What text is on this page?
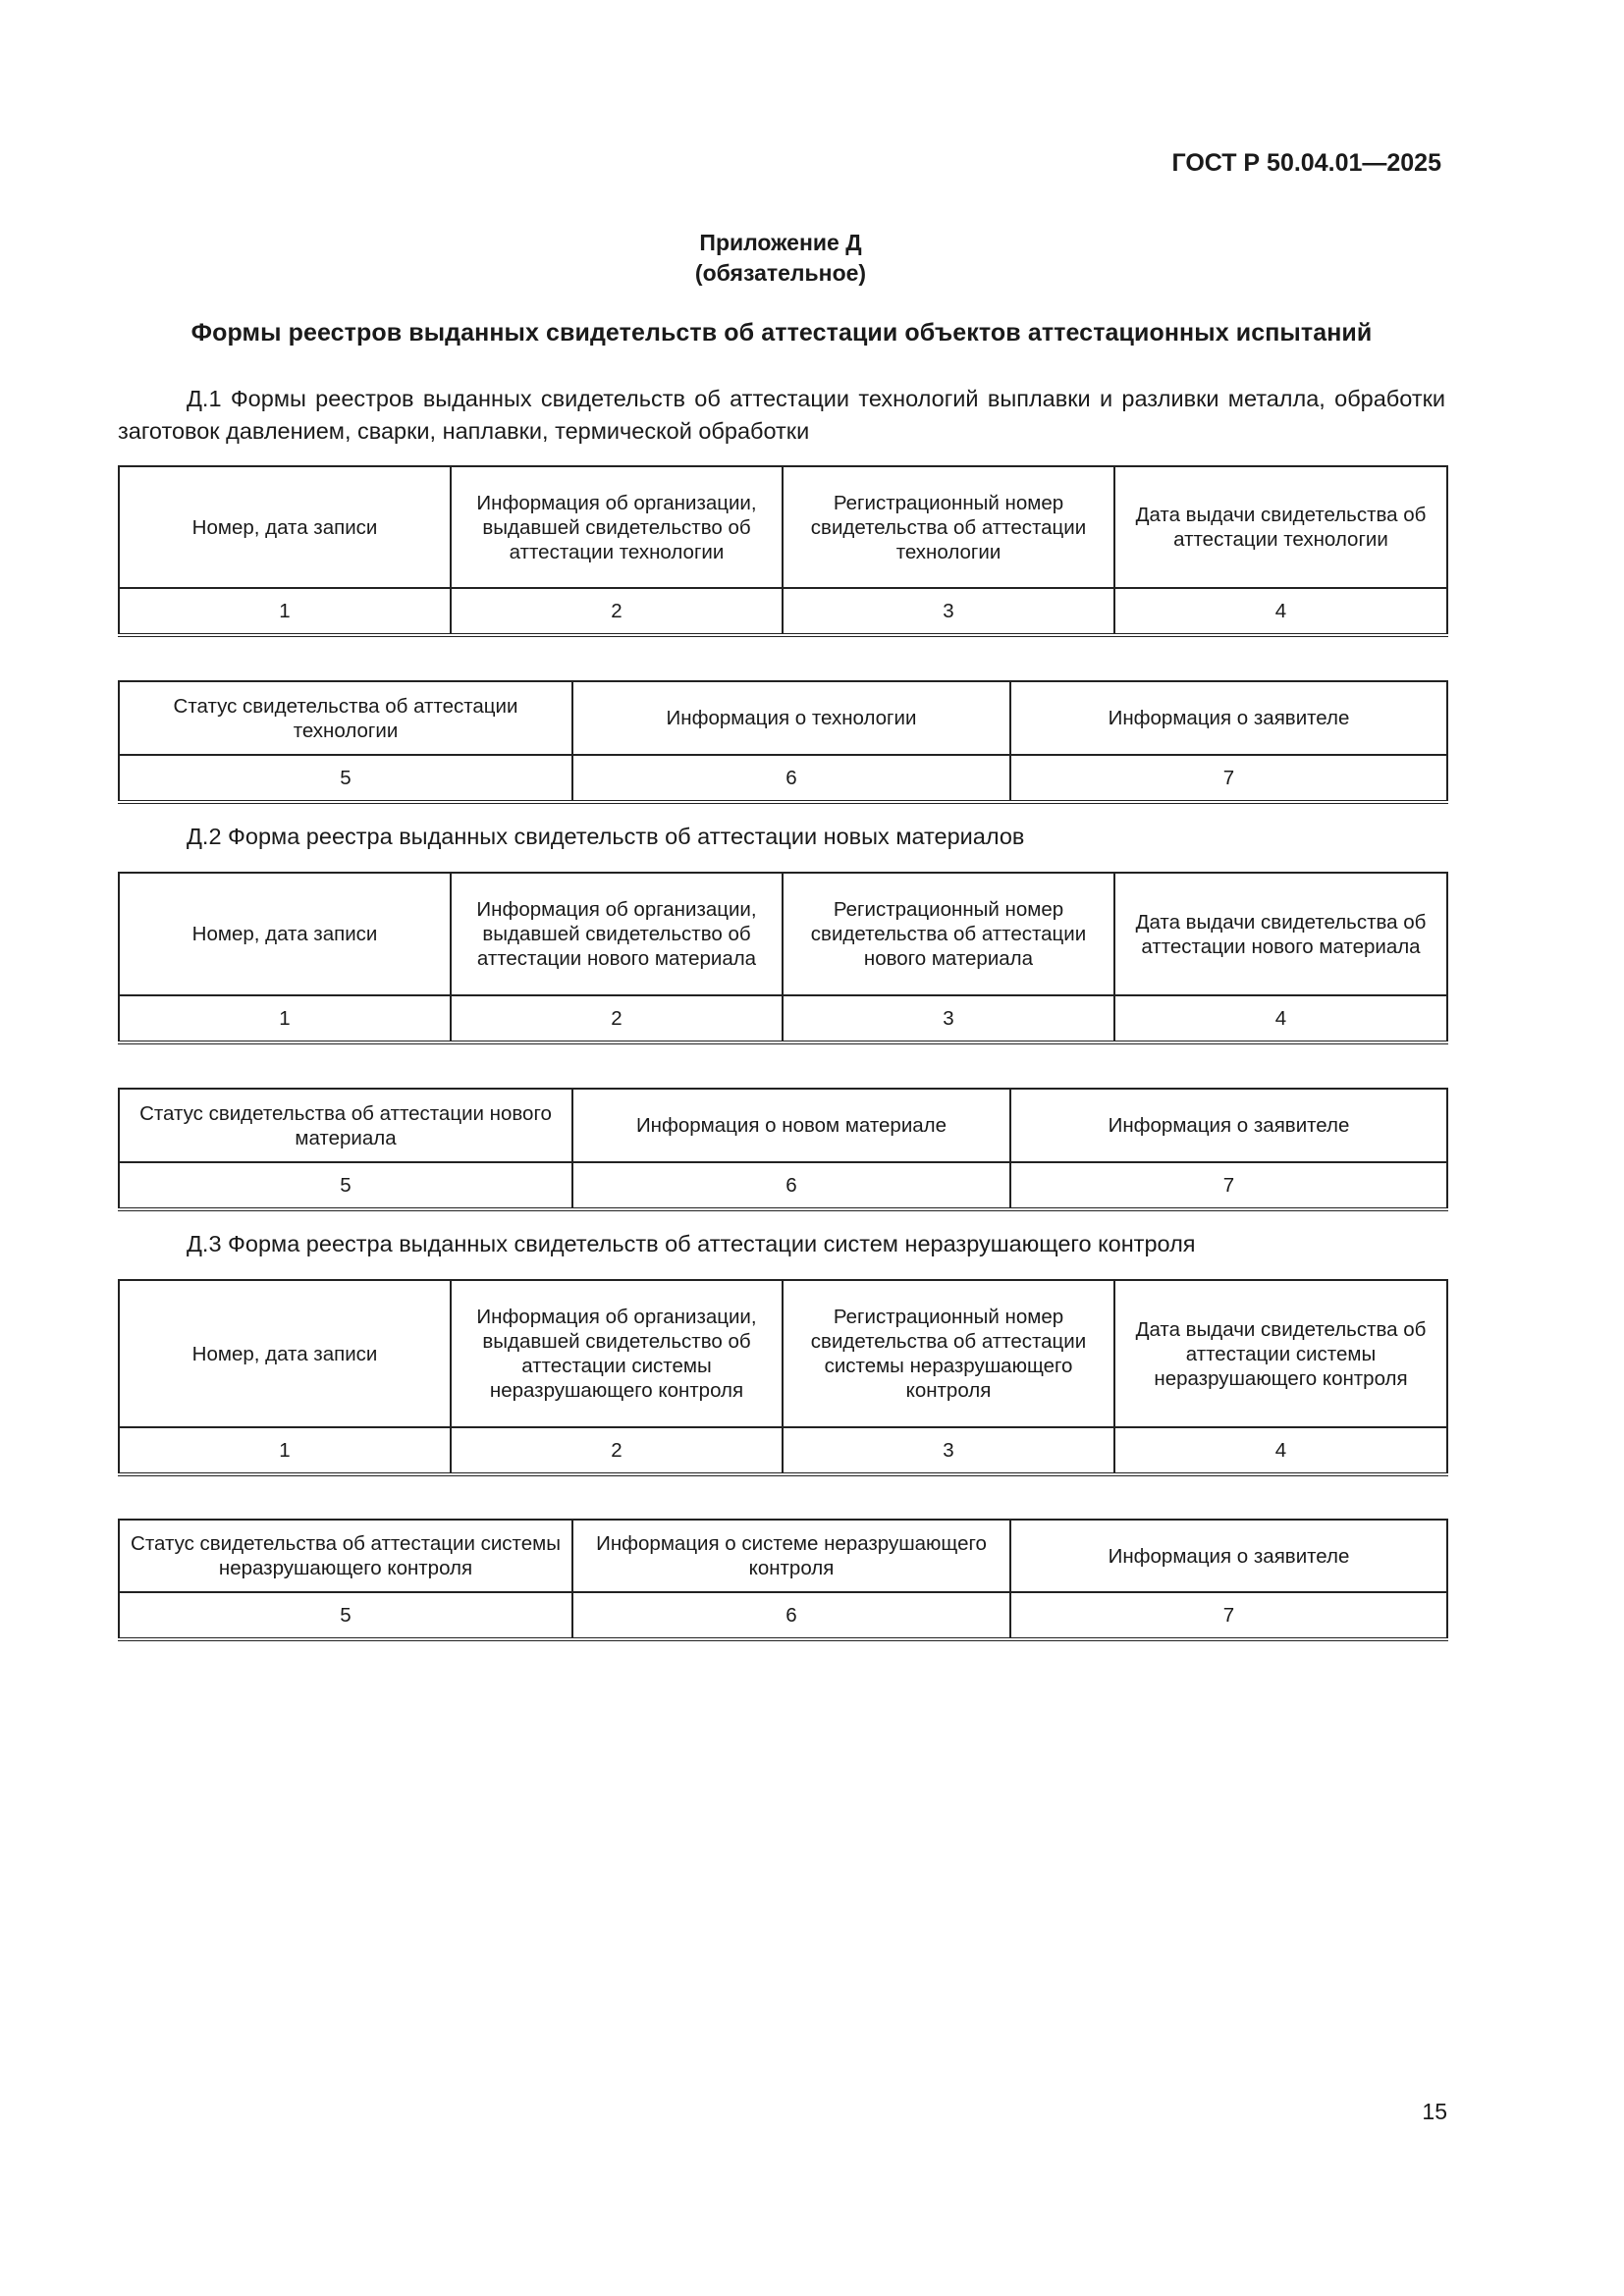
ГОСТ Р 50.04.01—2025
Приложение Д
(обязательное)
Формы реестров выданных свидетельств об аттестации объектов аттестационных испытаний
Д.1 Формы реестров выданных свидетельств об аттестации технологий выплавки и разливки металла, обработки заготовок давлением, сварки, наплавки, термической обработки
Номер, дата записи	Информация об организации, выдавшей свидетельство об аттестации технологии	Регистрационный номер свидетельства об аттестации технологии	Дата выдачи свидетельства об аттестации технологии
1	2	3	4
Статус свидетельства об аттестации технологии	Информация о технологии	Информация о заявителе
5	6	7
Д.2 Форма реестра выданных свидетельств об аттестации новых материалов
Номер, дата записи	Информация об организации, выдавшей свидетельство об аттестации нового материала	Регистрационный номер свидетельства об аттестации нового материала	Дата выдачи свидетельства об аттестации нового материала
1	2	3	4
Статус свидетельства об аттестации нового материала	Информация о новом материале	Информация о заявителе
5	6	7
Д.3 Форма реестра выданных свидетельств об аттестации систем неразрушающего контроля
Номер, дата записи	Информация об организации, выдавшей свидетельство об аттестации системы неразрушающего контроля	Регистрационный номер свидетельства об аттестации системы неразрушающего контроля	Дата выдачи свидетельства об аттестации системы неразрушающего контроля
1	2	3	4
Статус свидетельства об аттестации системы неразрушающего контроля	Информация о системе неразрушающего контроля	Информация о заявителе
5	6	7
15
